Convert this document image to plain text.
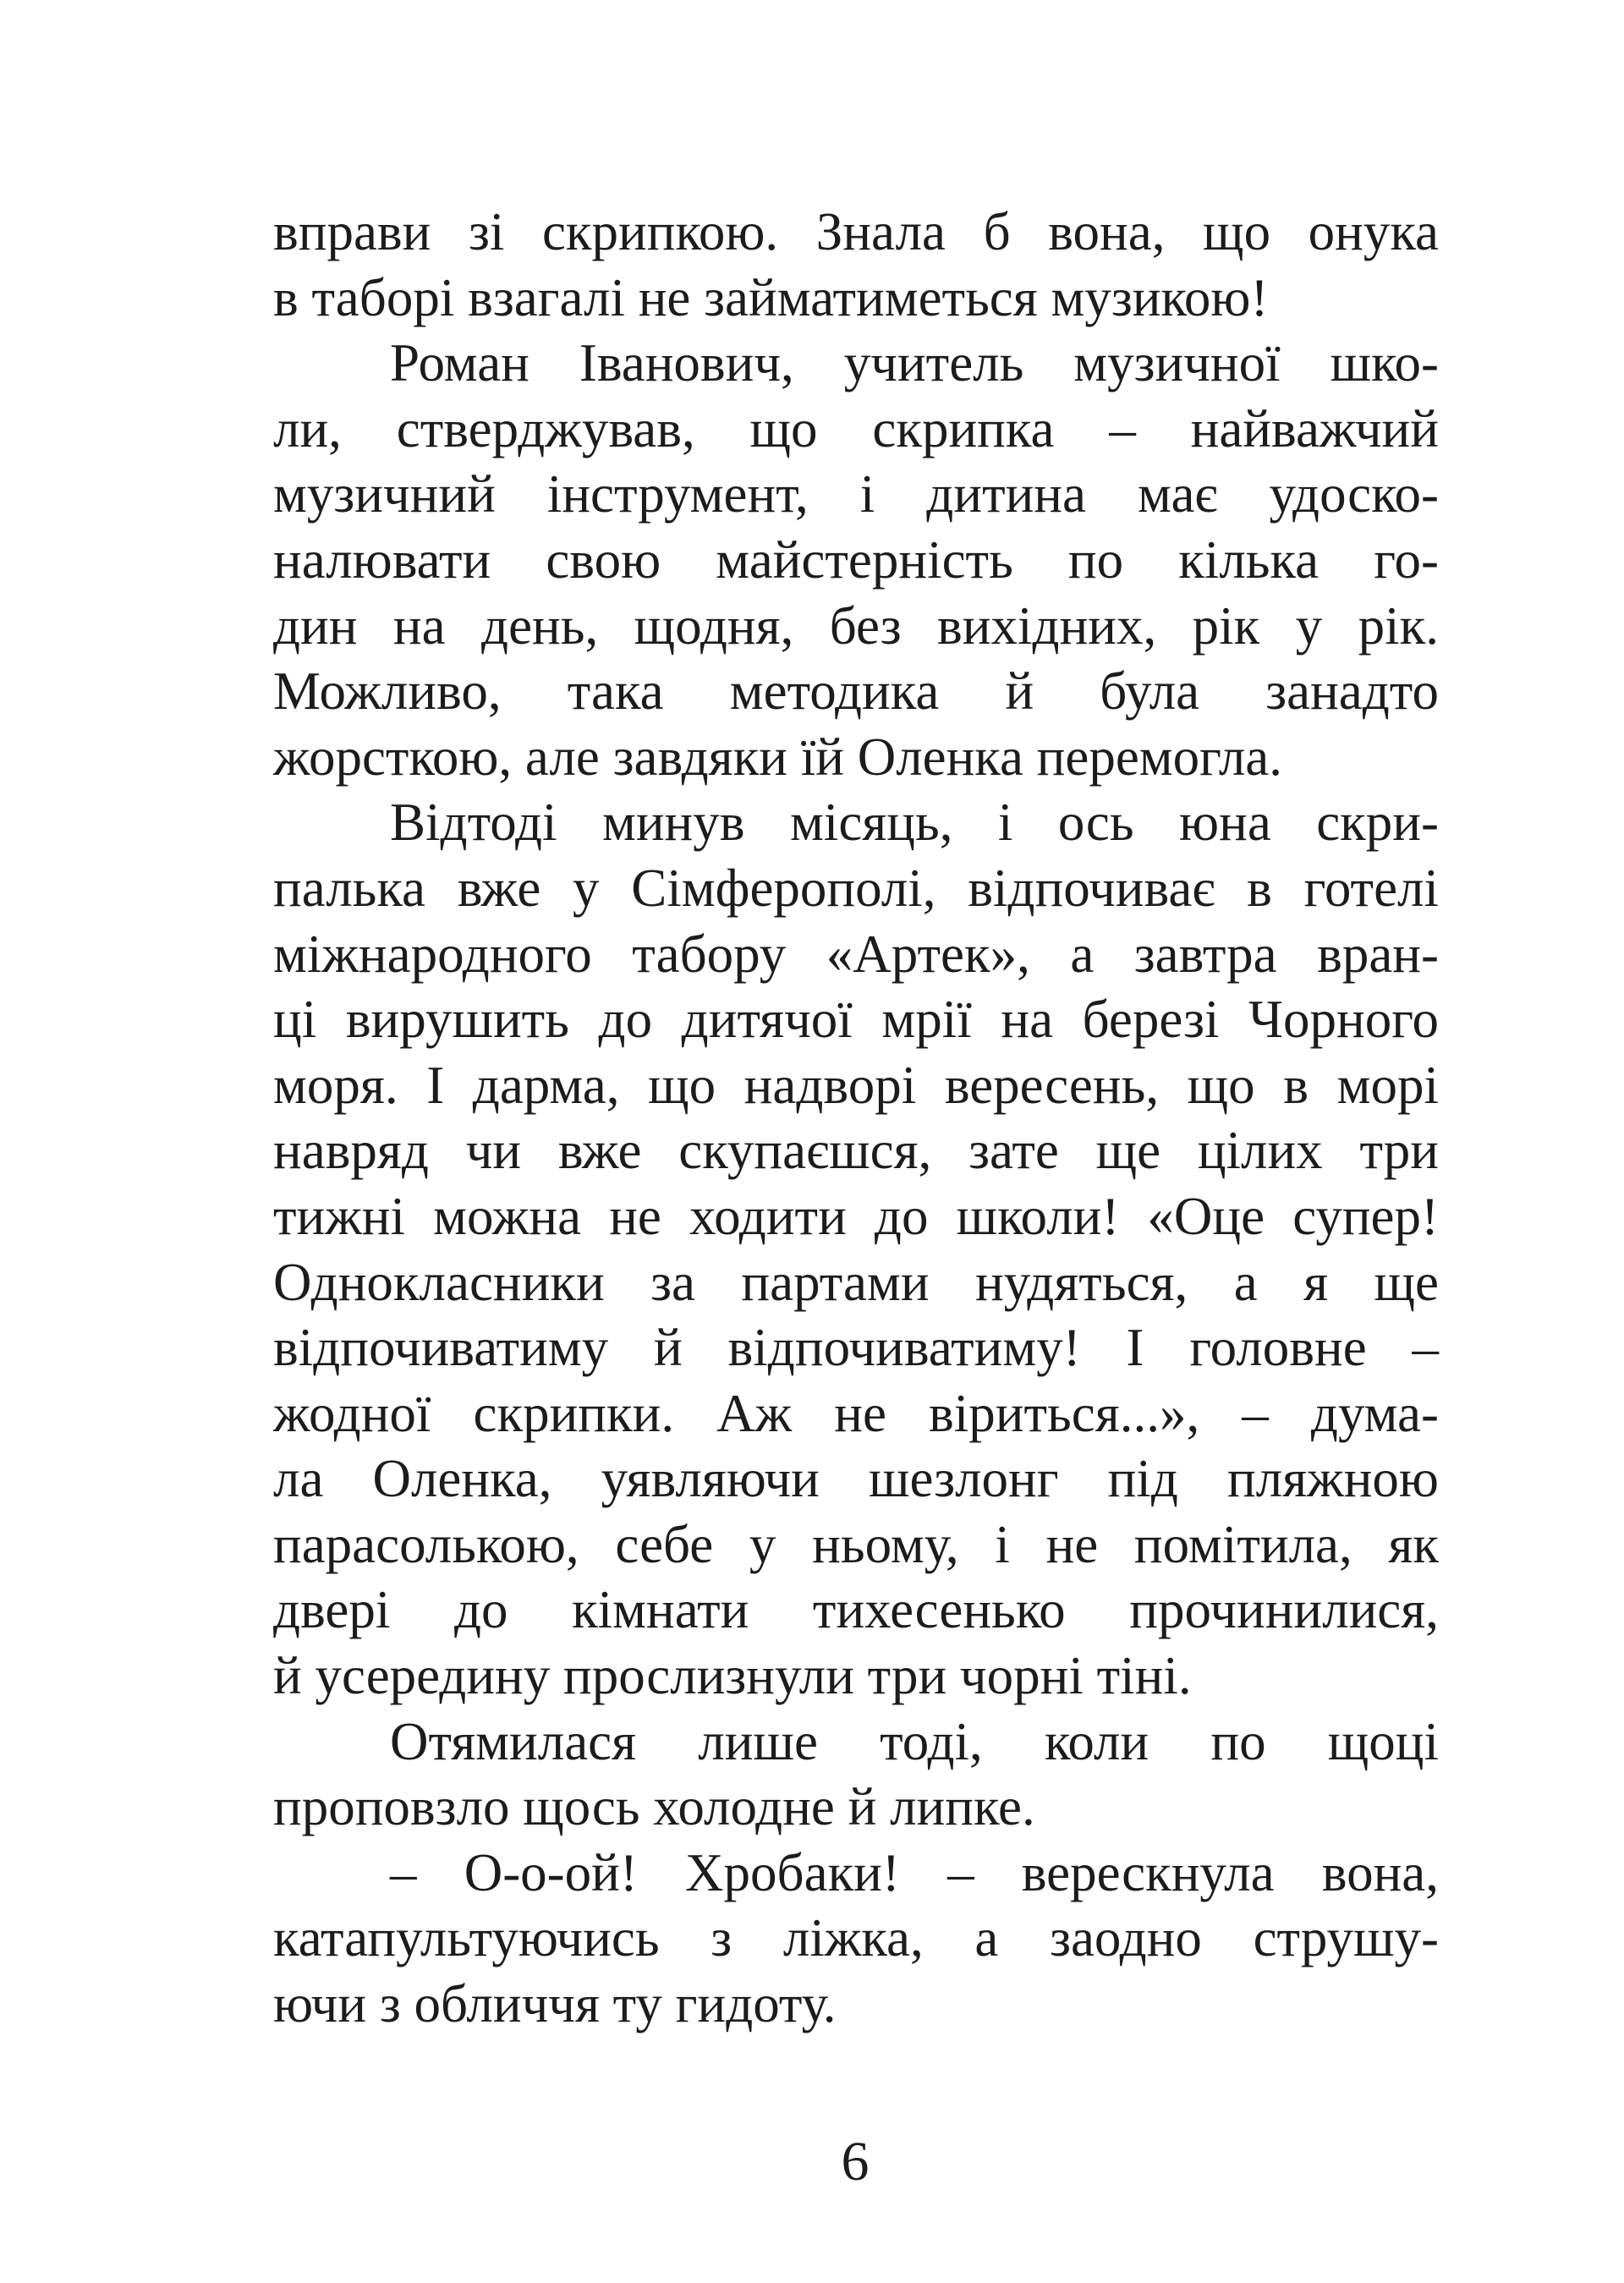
вправи зі скрипкою. Знала б вона, що онука
в таборі взагалі не займатиметься музикою!
Роман Іванович, учитель музичної шко-
ли, стверджував, що скрипка – найважчий
музичний інструмент, і дитина має удоско-
налювати свою майстерність по кілька го-
дин на день, щодня, без вихідних, рік у рік.
Можливо, така методика й була занадто
жорсткою, але завдяки їй Оленка перемогла.
Відтоді минув місяць, і ось юна скри-
палька вже у Сімферополі, відпочиває в готелі
міжнародного табору «Артек», а завтра вран-
ці вирушить до дитячої мрії на березі Чорного
моря. І дарма, що надворі вересень, що в морі
навряд чи вже скупаєшся, зате ще цілих три
тижні можна не ходити до школи! «Оце супер!
Однокласники за партами нудяться, а я ще
відпочиватиму й відпочиватиму! І головне –
жодної скрипки. Аж не віриться...», – дума-
ла Оленка, уявляючи шезлонг під пляжною
парасолькою, себе у ньому, і не помітила, як
двері до кімнати тихесенько прочинилися,
й усередину прослизнули три чорні тіні.
Отямилася лише тоді, коли по щоці
проповзло щось холодне й липке.
– О-о-ой! Хробаки! – верескнула вона,
катапультуючись з ліжка, а заодно струшу-
ючи з обличчя ту гидоту.
6
